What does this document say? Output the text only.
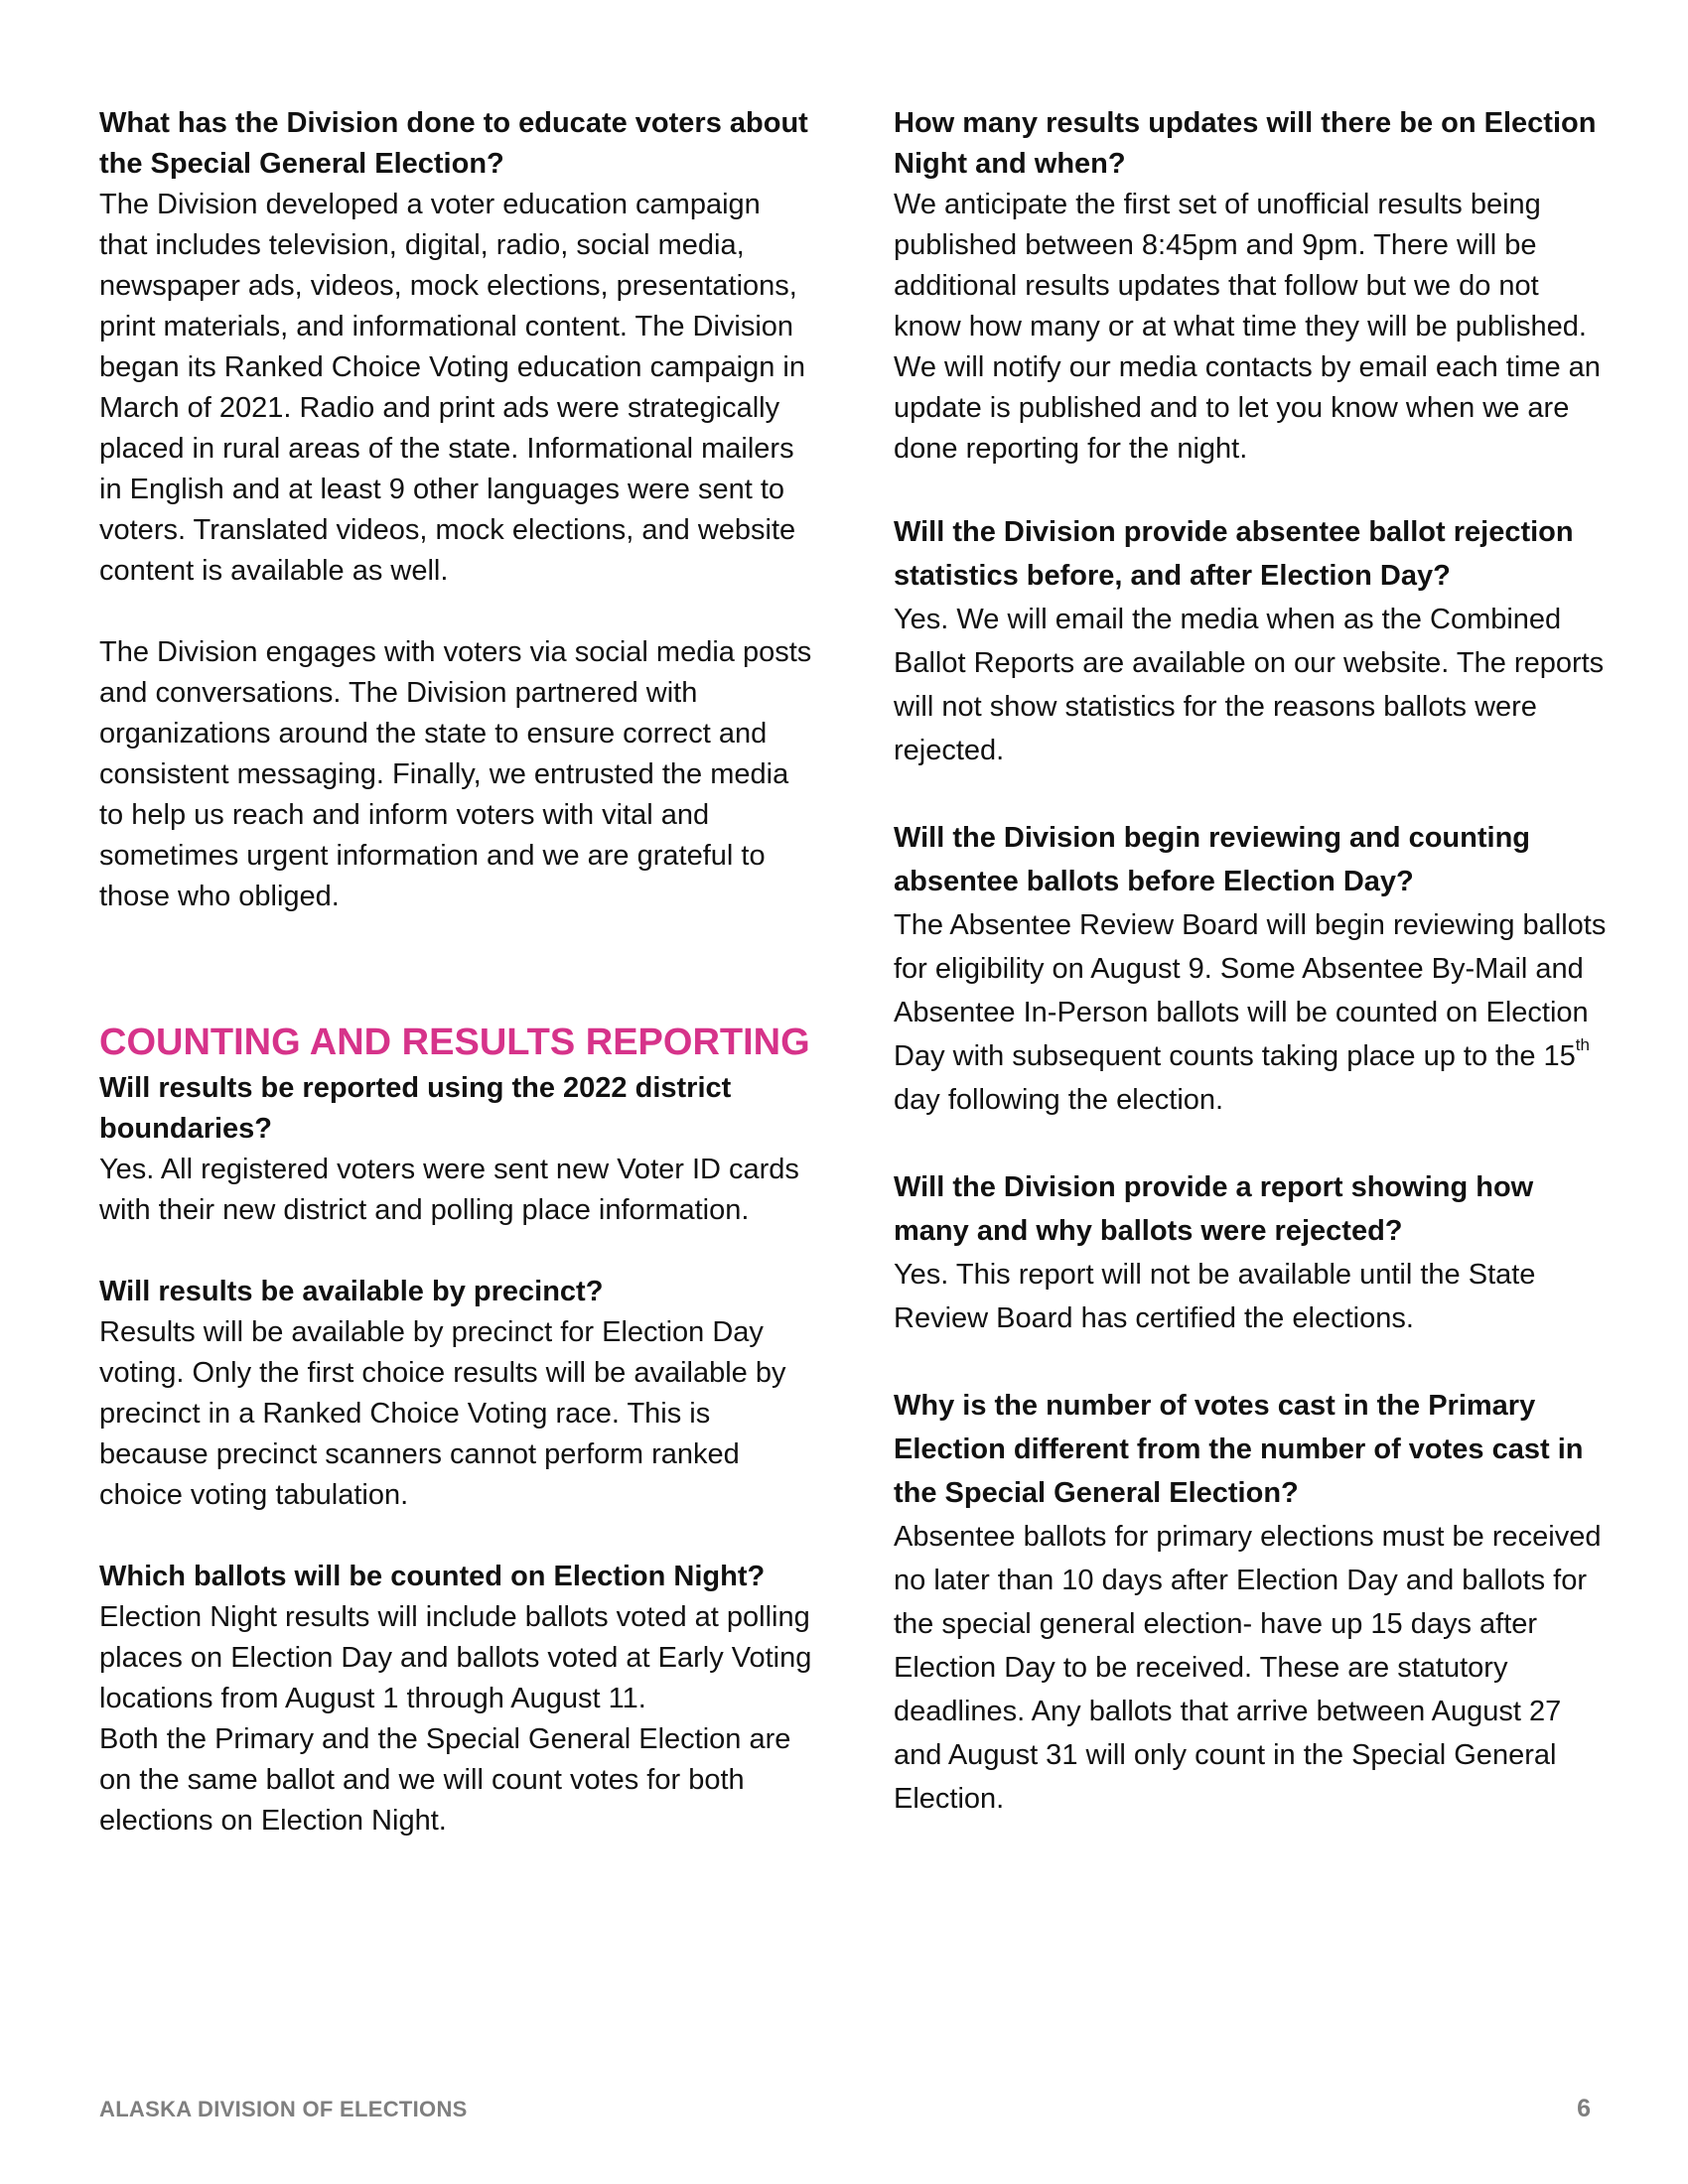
What has the Division done to educate voters about the Special General Election?
The Division developed a voter education campaign that includes television, digital, radio, social media, newspaper ads, videos, mock elections, presentations, print materials, and informational content. The Division began its Ranked Choice Voting education campaign in March of 2021. Radio and print ads were strategically placed in rural areas of the state. Informational mailers in English and at least 9 other languages were sent to voters. Translated videos, mock elections, and website content is available as well.
The Division engages with voters via social media posts and conversations. The Division partnered with organizations around the state to ensure correct and consistent messaging. Finally, we entrusted the media to help us reach and inform voters with vital and sometimes urgent information and we are grateful to those who obliged.
COUNTING AND RESULTS REPORTING
Will results be reported using the 2022 district boundaries?
Yes. All registered voters were sent new Voter ID cards with their new district and polling place information.
Will results be available by precinct?
Results will be available by precinct for Election Day voting. Only the first choice results will be available by precinct in a Ranked Choice Voting race. This is because precinct scanners cannot perform ranked choice voting tabulation.
Which ballots will be counted on Election Night?
Election Night results will include ballots voted at polling places on Election Day and ballots voted at Early Voting locations from August 1 through August 11.
Both the Primary and the Special General Election are on the same ballot and we will count votes for both elections on Election Night.
How many results updates will there be on Election Night and when?
We anticipate the first set of unofficial results being published between 8:45pm and 9pm. There will be additional results updates that follow but we do not know how many or at what time they will be published. We will notify our media contacts by email each time an update is published and to let you know when we are done reporting for the night.
Will the Division provide absentee ballot rejection statistics before, and after Election Day?
Yes. We will email the media when as the Combined Ballot Reports are available on our website. The reports will not show statistics for the reasons ballots were rejected.
Will the Division begin reviewing and counting absentee ballots before Election Day?
The Absentee Review Board will begin reviewing ballots for eligibility on August 9. Some Absentee By-Mail and Absentee In-Person ballots will be counted on Election Day with subsequent counts taking place up to the 15th day following the election.
Will the Division provide a report showing how many and why ballots were rejected?
Yes. This report will not be available until the State Review Board has certified the elections.
Why is the number of votes cast in the Primary Election different from the number of votes cast in the Special General Election?
Absentee ballots for primary elections must be received no later than 10 days after Election Day and ballots for the special general election- have up 15 days after Election Day to be received. These are statutory deadlines. Any ballots that arrive between August 27 and August 31 will only count in the Special General Election.
ALASKA DIVISION OF ELECTIONS	6
